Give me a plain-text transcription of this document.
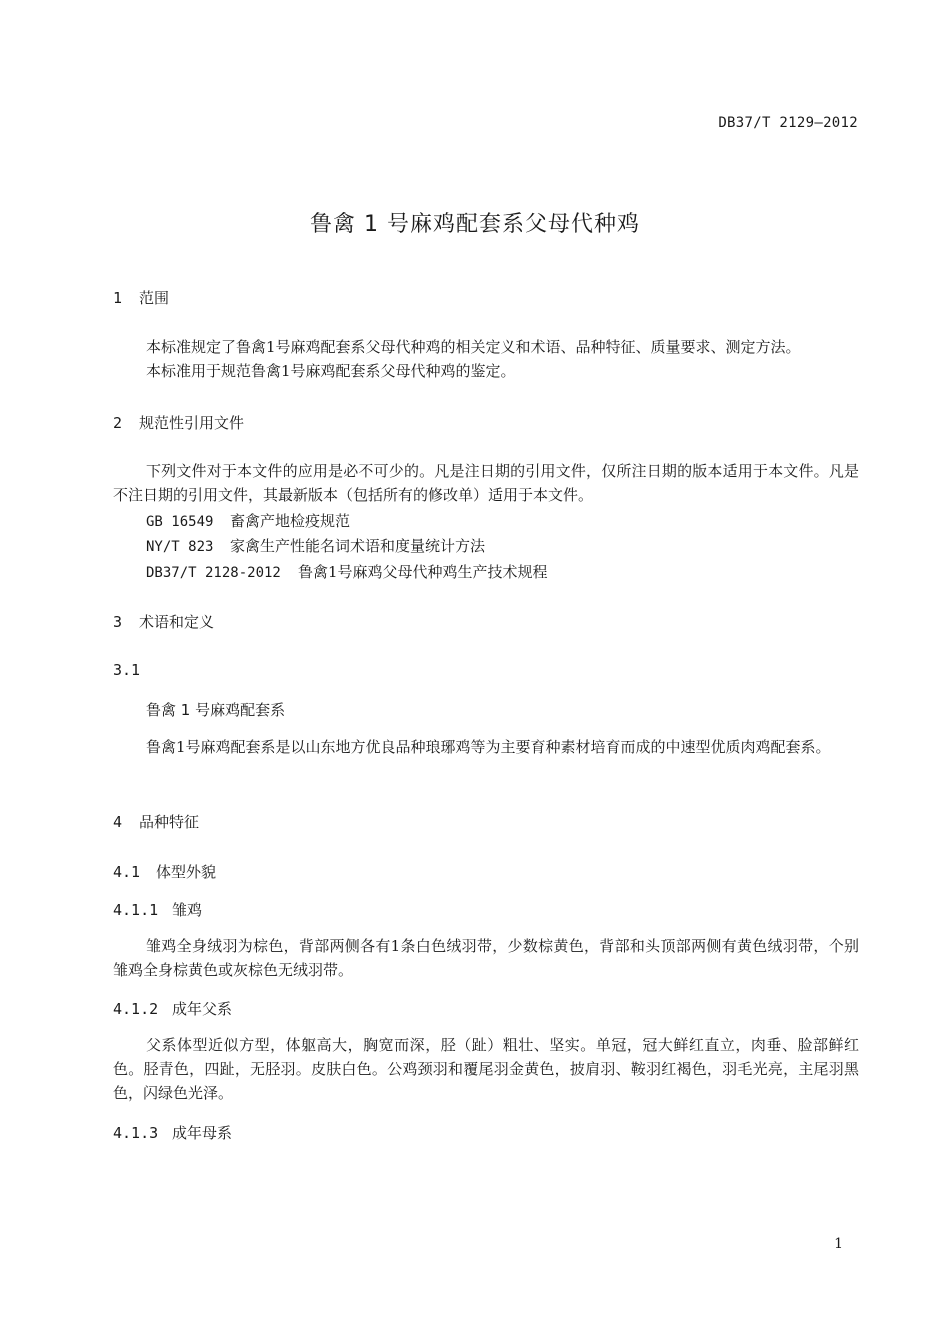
DB37/T 2129—2012
鲁禽 1 号麻鸡配套系父母代种鸡
1 范围
本标准规定了鲁禽1号麻鸡配套系父母代种鸡的相关定义和术语、品种特征、质量要求、测定方法。
本标准用于规范鲁禽1号麻鸡配套系父母代种鸡的鉴定。
2 规范性引用文件
下列文件对于本文件的应用是必不可少的。凡是注日期的引用文件，仅所注日期的版本适用于本文件。凡是不注日期的引用文件，其最新版本（包括所有的修改单）适用于本文件。
GB 16549 畜禽产地检疫规范
NY/T 823 家禽生产性能名词术语和度量统计方法
DB37/T 2128-2012 鲁禽1号麻鸡父母代种鸡生产技术规程
3 术语和定义
3.1
鲁禽 1 号麻鸡配套系
鲁禽1号麻鸡配套系是以山东地方优良品种琅琊鸡等为主要育种素材培育而成的中速型优质肉鸡配套系。
4 品种特征
4.1 体型外貌
4.1.1 雏鸡
雏鸡全身绒羽为棕色，背部两侧各有1条白色绒羽带，少数棕黄色，背部和头顶部两侧有黄色绒羽带，个别雏鸡全身棕黄色或灰棕色无绒羽带。
4.1.2 成年父系
父系体型近似方型，体躯高大，胸宽而深，胫（趾）粗壮、坚实。单冠，冠大鲜红直立，肉垂、脸部鲜红色。胫青色，四趾，无胫羽。皮肤白色。公鸡颈羽和覆尾羽金黄色，披肩羽、鞍羽红褐色，羽毛光亮，主尾羽黑色，闪绿色光泽。
4.1.3 成年母系
1
